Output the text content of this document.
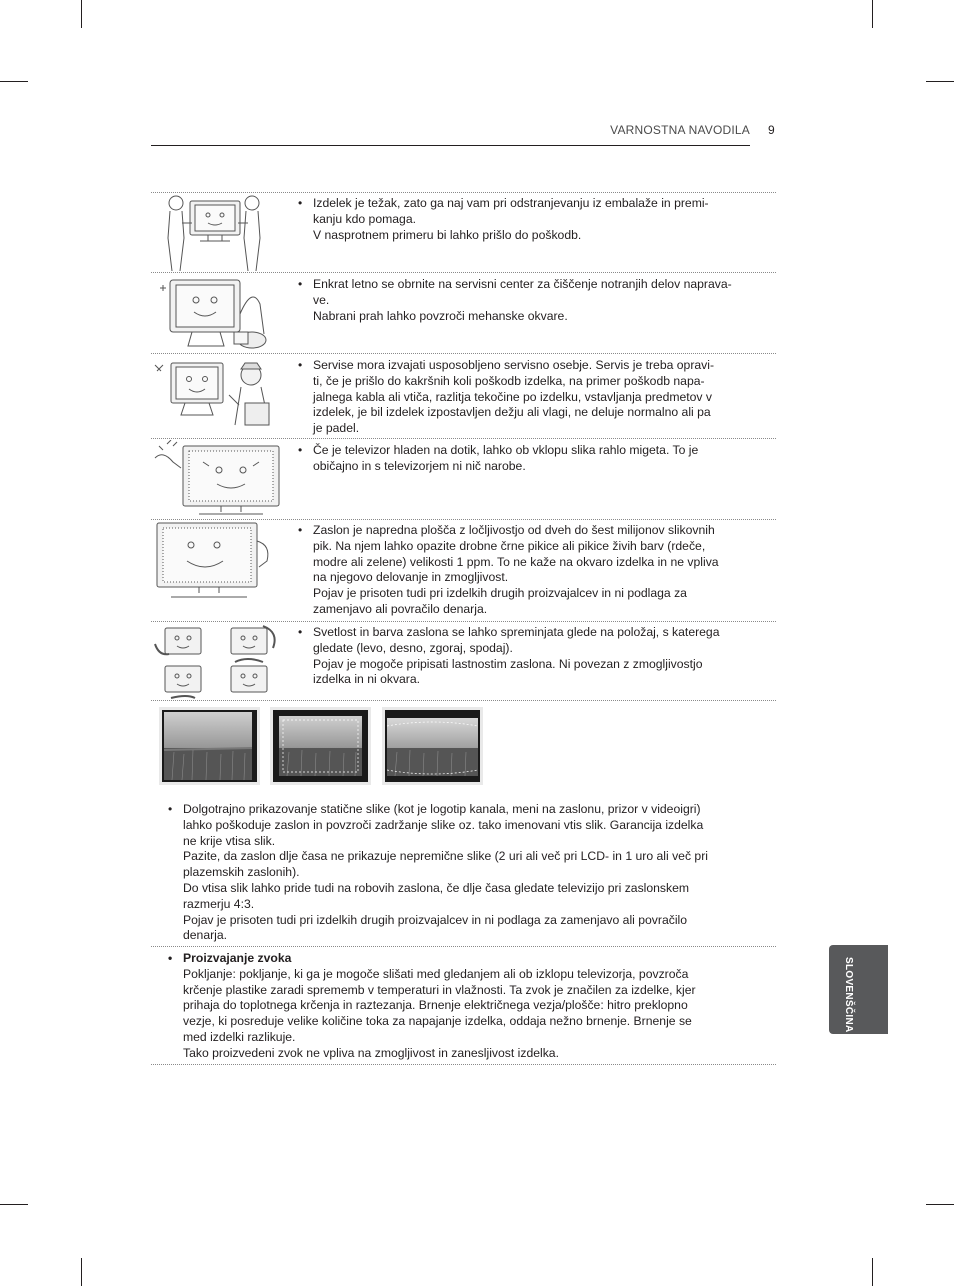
VARNOSTNA NAVODILA 9
• Izdelek je težak, zato ga naj vam pri odstranjevanju iz embalaže in premi-
kanju kdo pomaga.
V nasprotnem primeru bi lahko prišlo do poškodb.
• Enkrat letno se obrnite na servisni center za čiščenje notranjih delov naprava-
ve.
Nabrani prah lahko povzroči mehanske okvare.
• Servise mora izvajati usposobljeno servisno osebje. Servis je treba opravi-
ti, če je prišlo do kakršnih koli poškodb izdelka, na primer poškodb napa-
jalnega kabla ali vtiča, razlitja tekočine po izdelku, vstavljanja predmetov v
izdelek, je bil izdelek izpostavljen dežju ali vlagi, ne deluje normalno ali pa
je padel.
• Če je televizor hladen na dotik, lahko ob vklopu slika rahlo migeta. To je
običajno in s televizorjem ni nič narobe.
• Zaslon je napredna plošča z ločljivostjo od dveh do šest milijonov slikovnih
pik. Na njem lahko opazite drobne črne pikice ali pikice živih barv (rdeče,
modre ali zelene) velikosti 1 ppm. To ne kaže na okvaro izdelka in ne vpliva
na njegovo delovanje in zmogljivost.
Pojav je prisoten tudi pri izdelkih drugih proizvajalcev in ni podlaga za
zamenjavo ali povračilo denarja.
• Svetlost in barva zaslona se lahko spreminjata glede na položaj, s katerega
gledate (levo, desno, zgoraj, spodaj).
Pojav je mogoče pripisati lastnostim zaslona. Ni povezan z zmogljivostjo
izdelka in ni okvara.
• Dolgotrajno prikazovanje statične slike (kot je logotip kanala, meni na zaslonu, prizor v videoigri)
lahko poškoduje zaslon in povzroči zadržanje slike oz. tako imenovani vtis slik. Garancija izdelka
ne krije vtisa slik.
Pazite, da zaslon dlje časa ne prikazuje nepremične slike (2 uri ali več pri LCD- in 1 uro ali več pri
plazemskih zaslonih).
Do vtisa slik lahko pride tudi na robovih zaslona, če dlje časa gledate televizijo pri zaslonskem
razmerju 4:3.
Pojav je prisoten tudi pri izdelkih drugih proizvajalcev in ni podlaga za zamenjavo ali povračilo
denarja.
• Proizvajanje zvoka
Pokljanje: pokljanje, ki ga je mogoče slišati med gledanjem ali ob izklopu televizorja, povzroča
krčenje plastike zaradi sprememb v temperaturi in vlažnosti. Ta zvok je značilen za izdelke, kjer
prihaja do toplotnega krčenja in raztezanja. Brnenje električnega vezja/plošče: hitro preklopno
vezje, ki posreduje velike količine toka za napajanje izdelka, oddaja nežno brnenje. Brnenje se
med izdelki razlikuje.
Tako proizvedeni zvok ne vpliva na zmogljivost in zanesljivost izdelka.
SLOVENŠČINA
